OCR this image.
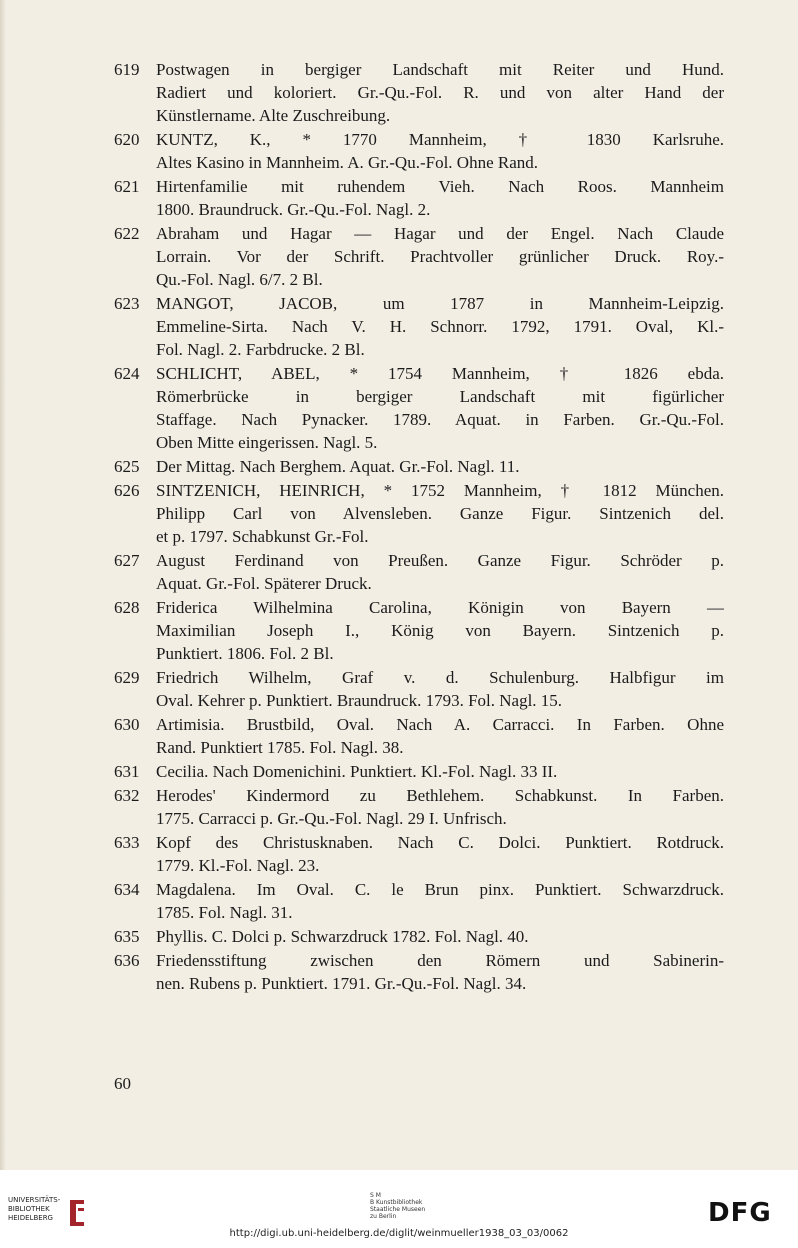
619 Postwagen in bergiger Landschaft mit Reiter und Hund.
Radiert und koloriert. Gr.-Qu.-Fol. R. und von alter Hand der
Künstlername. Alte Zuschreibung.
620 KUNTZ, K., * 1770 Mannheim, † 1830 Karlsruhe.
Altes Kasino in Mannheim. A. Gr.-Qu.-Fol. Ohne Rand.
621 Hirtenfamilie mit ruhendem Vieh. Nach Roos. Mannheim
1800. Braundruck. Gr.-Qu.-Fol. Nagl. 2.
622 Abraham und Hagar — Hagar und der Engel. Nach Claude
Lorrain. Vor der Schrift. Prachtvoller grünlicher Druck. Roy.-
Qu.-Fol. Nagl. 6/7. 2 Bl.
623 MANGOT, JACOB, um 1787 in Mannheim-Leipzig.
Emmeline-Sirta. Nach V. H. Schnorr. 1792, 1791. Oval, Kl.-
Fol. Nagl. 2. Farbdrucke. 2 Bl.
624 SCHLICHT, ABEL, * 1754 Mannheim, † 1826 ebda.
Römerbrücke in bergiger Landschaft mit figürlicher
Staffage. Nach Pynacker. 1789. Aquat. in Farben. Gr.-Qu.-Fol.
Oben Mitte eingerissen. Nagl. 5.
625 Der Mittag. Nach Berghem. Aquat. Gr.-Fol. Nagl. 11.
626 SINTZENICH, HEINRICH, * 1752 Mannheim, † 1812 München.
Philipp Carl von Alvensleben. Ganze Figur. Sintzenich del.
et p. 1797. Schabkunst Gr.-Fol.
627 August Ferdinand von Preußen. Ganze Figur. Schröder p.
Aquat. Gr.-Fol. Späterer Druck.
628 Friderica Wilhelmina Carolina, Königin von Bayern —
Maximilian Joseph I., König von Bayern. Sintzenich p.
Punktiert. 1806. Fol. 2 Bl.
629 Friedrich Wilhelm, Graf v. d. Schulenburg. Halbfigur im
Oval. Kehrer p. Punktiert. Braundruck. 1793. Fol. Nagl. 15.
630 Artimisia. Brustbild, Oval. Nach A. Carracci. In Farben. Ohne
Rand. Punktiert 1785. Fol. Nagl. 38.
631 Cecilia. Nach Domenichini. Punktiert. Kl.-Fol. Nagl. 33 II.
632 Herodes' Kindermord zu Bethlehem. Schabkunst. In Farben.
1775. Carracci p. Gr.-Qu.-Fol. Nagl. 29 I. Unfrisch.
633 Kopf des Christusknaben. Nach C. Dolci. Punktiert. Rotdruck.
1779. Kl.-Fol. Nagl. 23.
634 Magdalena. Im Oval. C. le Brun pinx. Punktiert. Schwarzdruck.
1785. Fol. Nagl. 31.
635 Phyllis. C. Dolci p. Schwarzdruck 1782. Fol. Nagl. 40.
636 Friedensstiftung zwischen den Römern und Sabinerin-
nen. Rubens p. Punktiert. 1791. Gr.-Qu.-Fol. Nagl. 34.
60
UNIVERSITÄTS-
BIBLIOTHEK
HEIDELBERG
S M
B Kunstbibliothek
Staatliche Museen
zu Berlin	DFG
http://digi.ub.uni-heidelberg.de/diglit/weinmueller1938_03_03/0062
